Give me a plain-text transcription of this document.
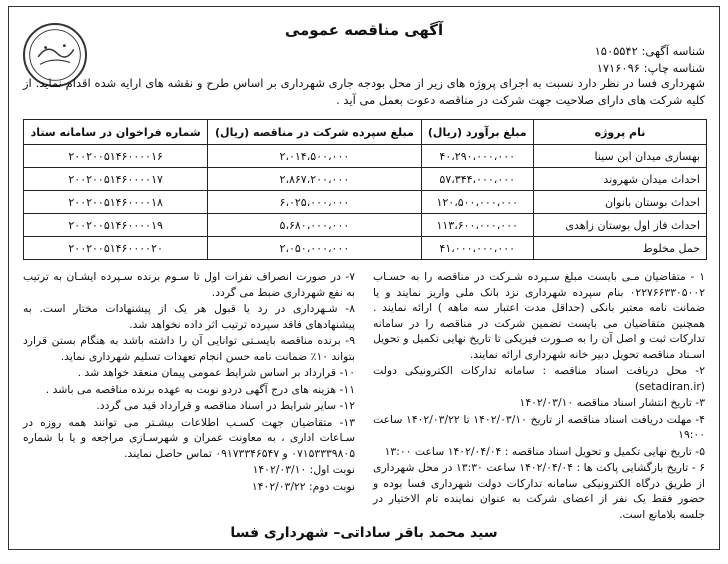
آگهی مناقصه عمومی
شناسه آگهی: ۱۵۰۵۵۴۲
شناسه چاپ: ۱۷۱۶۰۹۶
شهرداری فسا در نظر دارد نسبت به اجرای پروژه های زیر از محل بودجه جاری شهرداری بر اساس طرح و نقشه های ارایه شده اقدام نماید. از کلیه شرکت های دارای صلاحیت جهت شرکت در مناقصه دعوت بعمل می آید .
نام پروژه	مبلغ برآورد (ریال)	مبلغ سپرده شرکت در مناقصه (ریال)	شماره فراخوان در سامانه ستاد
بهسازی میدان ابن سینا	۴۰،۲۹۰،۰۰۰،۰۰۰	۲،۰۱۴،۵۰۰،۰۰۰	۲۰۰۲۰۰۵۱۴۶۰۰۰۰۱۶
احداث میدان شهروند	۵۷،۳۴۴،۰۰۰،۰۰۰	۲،۸۶۷،۲۰۰،۰۰۰	۲۰۰۲۰۰۵۱۴۶۰۰۰۰۱۷
احداث بوستان بانوان	۱۲۰،۵۰۰،۰۰۰،۰۰۰	۶،۰۲۵،۰۰۰،۰۰۰	۲۰۰۲۰۰۵۱۴۶۰۰۰۰۱۸
احداث فاز اول بوستان زاهدی	۱۱۳،۶۰۰،۰۰۰،۰۰۰	۵،۶۸۰،۰۰۰،۰۰۰	۲۰۰۲۰۰۵۱۴۶۰۰۰۰۱۹
حمل مخلوط	۴۱،۰۰۰،۰۰۰،۰۰۰	۲،۰۵۰،۰۰۰،۰۰۰	۲۰۰۲۰۰۵۱۴۶۰۰۰۰۲۰
۱ - متقاضیان مـی بایست مبلغ سـپرده شـرکت در مناقصه را به حسـاب ۰۲۲۷۶۶۳۳۰۵۰۰۲ بنام سپرده شهرداری نزد بانک ملی واریز نمایند و یا ضمانت نامه معتبر بانکی (حداقل مدت اعتبار سه ماهه ) ارائه نمایند . همچنین متقاضیان می بایست تضمین شرکت در مناقصه را در سامانه تدارکات ثبت و اصل آن را به صـورت فیزیکی تا تاریخ نهایی تکمیل و تحویل اسـناد مناقصه تحویل دبیر خانه شهرداری ارائه نمایند.
۲- محل دریافت اسناد مناقصه : سامانه تدارکات الکترونیکی دولت (setadiran.ir)
۳- تاریخ انتشار اسناد مناقصه ۱۴۰۲/۰۳/۱۰
۴- مهلت دریافت اسناد مناقصه از تاریخ ۱۴۰۲/۰۳/۱۰ تا ۱۴۰۲/۰۳/۲۲ ساعت ۱۹:۰۰
۵- تاریخ نهایی تکمیل و تحویل اسناد مناقصه : ۱۴۰۲/۰۴/۰۴ ساعت ۱۳:۰۰
۶ - تاریخ بازگشایی پاکت ها : ۱۴۰۲/۰۴/۰۴ ساعت ۱۳:۳۰ در محل شهرداری از طریق درگاه الکترونیکی سامانه تدارکات دولت شهرداری فسا بوده و حضور فقط یک نفر از اعضای شرکت به عنوان نماینده تام الاختیار در جلسه بلامانع است.
۷- در صورت انصراف نفرات اول تا سـوم برنده سـپرده ایشـان به ترتیب به نفع شهرداری ضبط می گردد.
۸- شـهرداری در رد یا قبول هر یک از پیشنهادات مختار است. به پیشنهادهای فاقد سپرده ترتیب اثر داده نخواهد شد.
۹- برنده مناقصه بایسـتی توانایی آن را داشته باشد به هنگام بستن قرارد بتواند ۱۰٪ ضمانت نامه حسن انجام تعهدات تسلیم شهرداری نماید.
۱۰- قرارداد بر اساس شرایط عمومی پیمان منعقد خواهد شد .
۱۱- هزینه های درج آگهی دردو نوبت به عهده برنده مناقصه می باشد .
۱۲- سایر شرایط در اسناد مناقصه و قرارداد قید می گردد.
۱۳- متقاضیان جهت کسـب اطلاعات بیشـتر می توانند همه روزه در سـاعات اداری ، به معاونت عمران و شهرسـازی مراجعه و یا با شماره ۰۷۱۵۳۳۳۹۸۰۵ و ۰۹۱۷۳۳۴۶۵۴۷ تماس حاصل نمایند.
نوبت اول: ۱۴۰۲/۰۳/۱۰
نوبت دوم: ۱۴۰۲/۰۳/۲۲
سید محمد باقر ساداتی– شهرداری فسا
